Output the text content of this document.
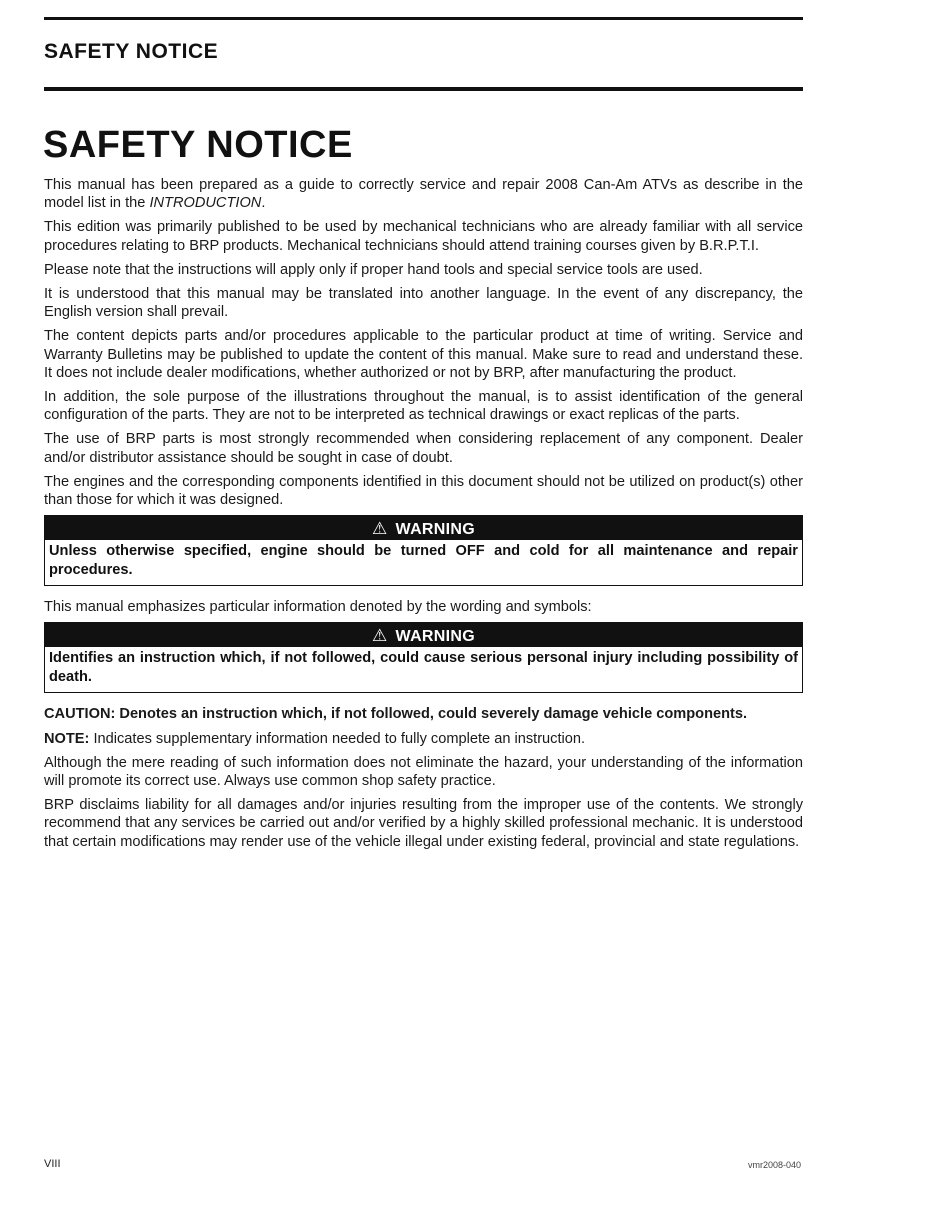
SAFETY NOTICE
SAFETY NOTICE

This manual has been prepared as a guide to correctly service and repair 2008 Can-Am ATVs as describe in the model list in the INTRODUCTION.

This edition was primarily published to be used by mechanical technicians who are already familiar with all service procedures relating to BRP products. Mechanical technicians should attend training courses given by B.R.P.T.I.

Please note that the instructions will apply only if proper hand tools and special service tools are used.

It is understood that this manual may be translated into another language. In the event of any discrepancy, the English version shall prevail.

The content depicts parts and/or procedures applicable to the particular product at time of writing. Service and Warranty Bulletins may be published to update the content of this manual. Make sure to read and understand these. It does not include dealer modifications, whether authorized or not by BRP, after manufacturing the product.

In addition, the sole purpose of the illustrations throughout the manual, is to assist identification of the general configuration of the parts. They are not to be interpreted as technical drawings or exact replicas of the parts.

The use of BRP parts is most strongly recommended when considering replacement of any component. Dealer and/or distributor assistance should be sought in case of doubt.

The engines and the corresponding components identified in this document should not be utilized on product(s) other than those for which it was designed.

⚠ WARNING
Unless otherwise specified, engine should be turned OFF and cold for all maintenance and repair procedures.

This manual emphasizes particular information denoted by the wording and symbols:

⚠ WARNING
Identifies an instruction which, if not followed, could cause serious personal injury including possibility of death.

CAUTION: Denotes an instruction which, if not followed, could severely damage vehicle components.

NOTE: Indicates supplementary information needed to fully complete an instruction.

Although the mere reading of such information does not eliminate the hazard, your understanding of the information will promote its correct use. Always use common shop safety practice.

BRP disclaims liability for all damages and/or injuries resulting from the improper use of the contents. We strongly recommend that any services be carried out and/or verified by a highly skilled professional mechanic. It is understood that certain modifications may render use of the vehicle illegal under existing federal, provincial and state regulations.

VIII	vmr2008-040
